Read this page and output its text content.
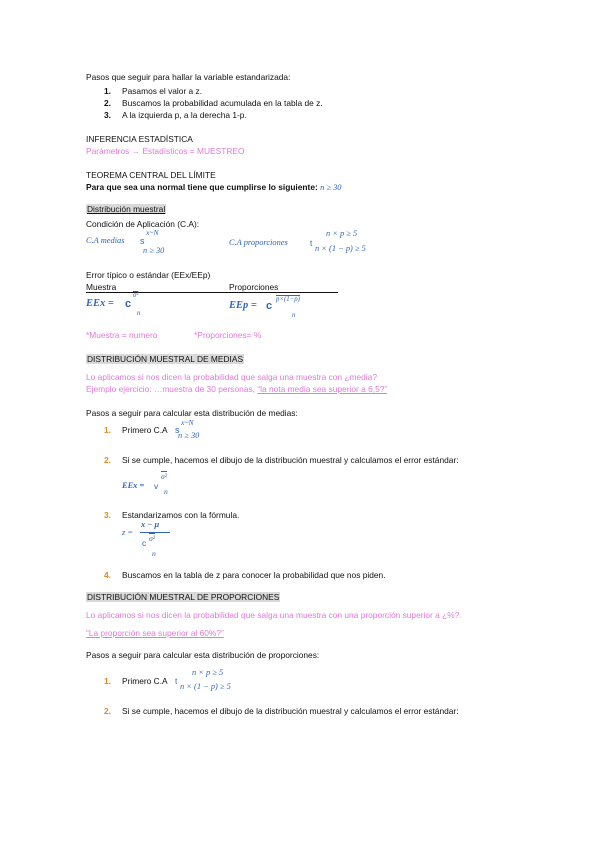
Pasos que seguir para hallar la variable estandarizada:
1. Pasamos el valor a z.
2. Buscamos la probabilidad acumulada en la tabla de z.
3. A la izquierda p, a la derecha 1-p.
INFERENCIA ESTADÍSTICA
Parámetros → Estadísticos = MUESTREO
TEOREMA CENTRAL DEL LÍMITE
Para que sea una normal tiene que cumplirse lo siguiente: n ≥ 30
Distribución muestral
Condición de Aplicación (C.A):
C.A medias s
x~N
n ≥ 30
C.A proporciones	t
n × p ≥ 5
n × (1 − p) ≥ 5
Error típico o estándar (EEx/EEp)
Muestra	Proporciones
EEx = c
σ²
n
EEp = c
p×(1−p)
n
*Muestra = numero	*Proporciones= %
DISTRIBUCIÓN MUESTRAL DE MEDIAS
Lo aplicamos si nos dicen la probabilidad que salga una muestra con ¿media?
Ejemplo ejercicio: …muestra de 30 personas, “la nota media sea superior a 6,5?”
Pasos a seguir para calcular esta distribución de medias:
1. Primero C.A s
x~N
n ≥ 30
2. Si se cumple, hacemos el dibujo de la distribución muestral y calculamos el error estándar:
EEx = v
σ²
n
3. Estandarizamos con la fórmula.
z =
x − μ
c σ²
n
4. Buscamos en la tabla de z para conocer la probabilidad que nos piden.
DISTRIBUCIÓN MUESTRAL DE PROPORCIONES
Lo aplicamos si nos dicen la probabilidad que salga una muestra con una proporción superior a ¿%?.
“La proporción sea superior al 60%?”
Pasos a seguir para calcular esta distribución de proporciones:
1. Primero C.A t
n × p ≥ 5
n × (1 − p) ≥ 5
2. Si se cumple, hacemos el dibujo de la distribución muestral y calculamos el error estándar:
